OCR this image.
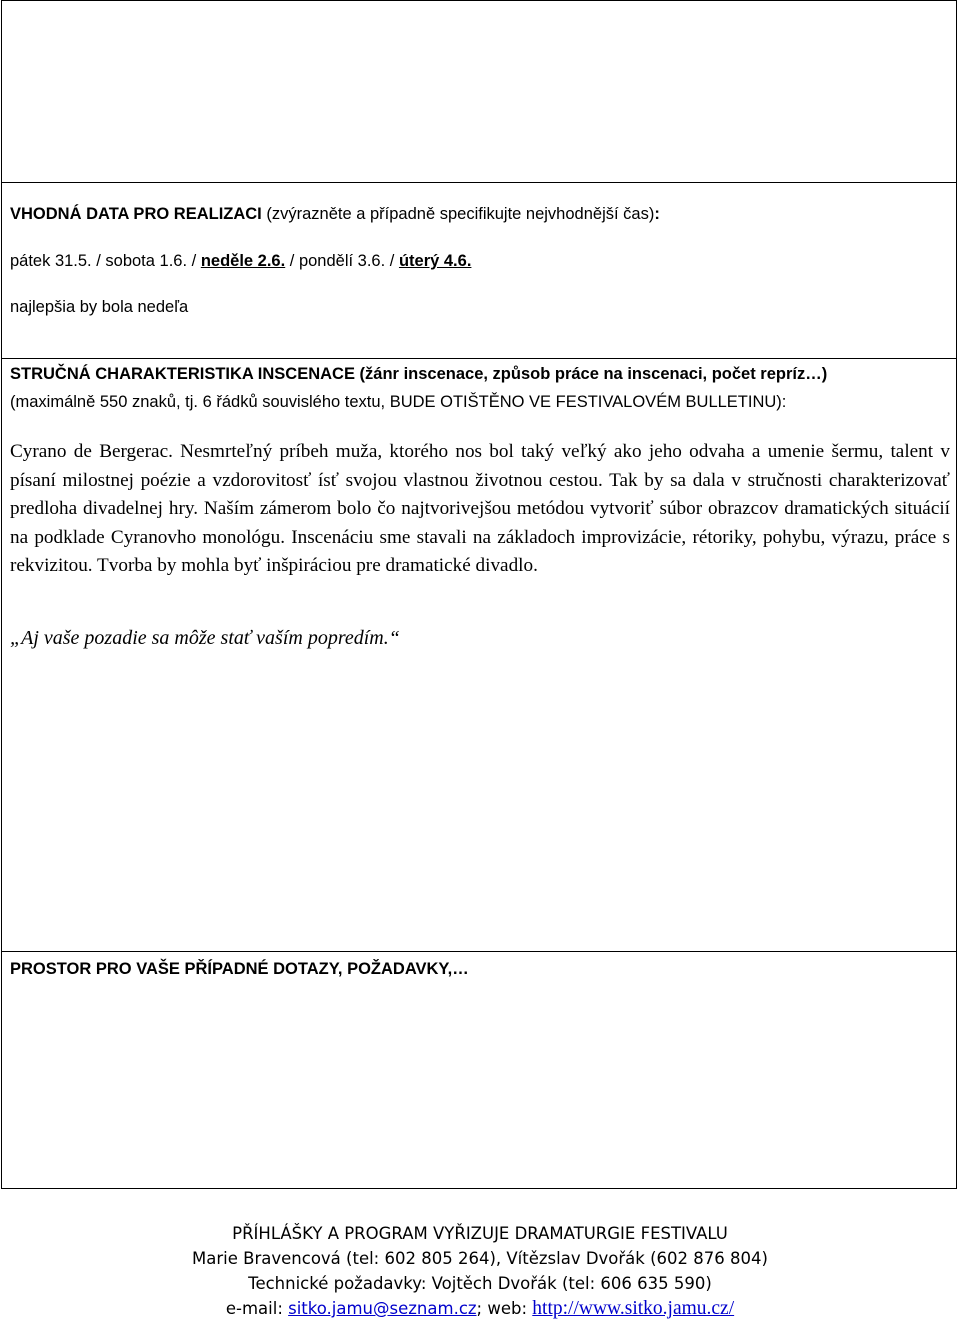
VHODNÁ DATA PRO REALIZACI (zvýrazněte a případně specifikujte nejvhodnější čas):
pátek 31.5. / sobota 1.6. / neděle 2.6. / pondělí 3.6. / úterý 4.6.
najlepšia by bola nedeľa
STRUČNÁ CHARAKTERISTIKA INSCENACE (žánr inscenace, způsob práce na inscenaci, počet repríz…)
(maximálně 550 znaků, tj. 6 řádků souvislého textu, BUDE OTIŠTĚNO VE FESTIVALOVÉM BULLETINU):
Cyrano de Bergerac. Nesmrteľný príbeh muža, ktorého nos bol taký veľký ako jeho odvaha a umenie šermu, talent v písaní milostnej poézie a vzdorovitosť ísť svojou vlastnou životnou cestou. Tak by sa dala v stručnosti charakterizovať predloha divadelnej hry. Naším zámerom bolo čo najtvorivejšou metódou vytvoriť súbor obrazcov dramatických situácií na podklade Cyranovho monológu. Inscenáciu sme stavali na základoch improvizácie, rétoriky, pohybu, výrazu, práce s rekvizitou. Tvorba by mohla byť inšpiráciou pre dramatické divadlo.
„Aj vaše pozadie sa môže stať vaším popredím.“
PROSTOR PRO VAŠE PŘÍPADNÉ DOTAZY, POŽADAVKY,…
PŘÍHLÁŠKY A PROGRAM VYŘIZUJE DRAMATURGIE FESTIVALU
Marie Bravencová (tel: 602 805 264), Vítězslav Dvořák (602 876 804)
Technické požadavky: Vojtěch Dvořák (tel: 606 635 590)
e-mail: sitko.jamu@seznam.cz; web: http://www.sitko.jamu.cz/
